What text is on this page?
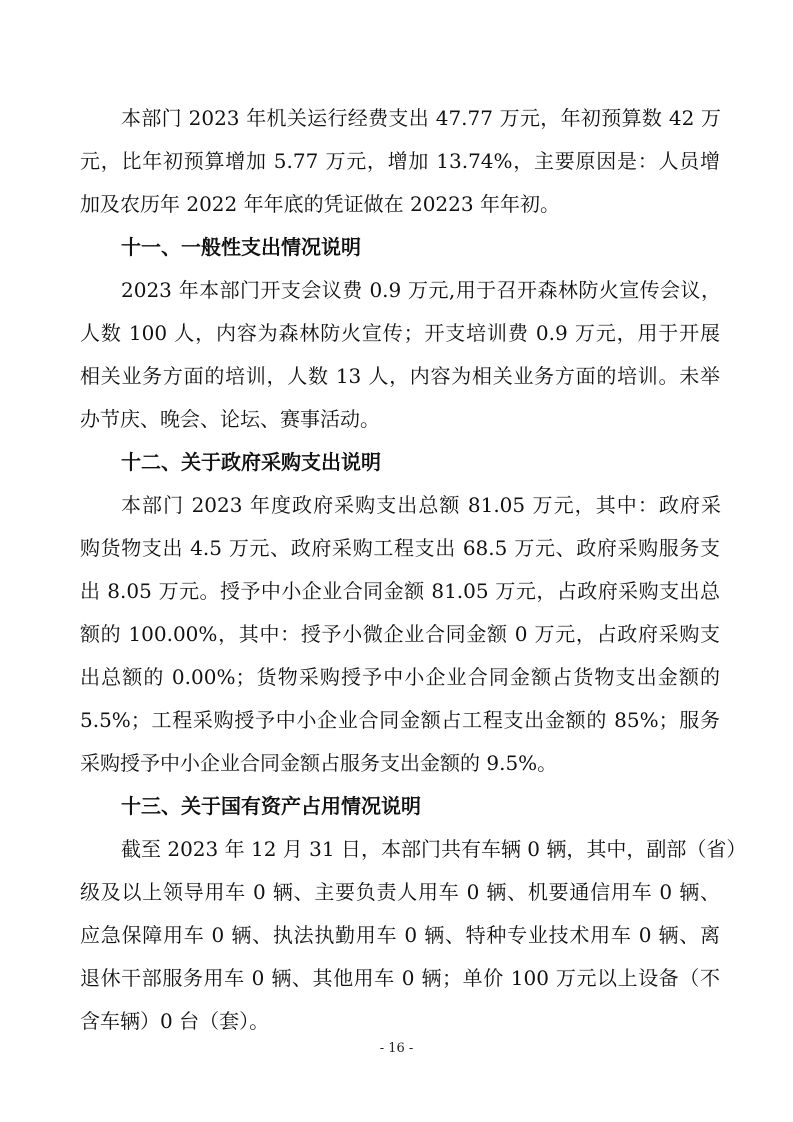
本部门 2023 年机关运行经费支出 47.77 万元，年初预算数 42 万
元，比年初预算增加 5.77 万元，增加 13.74%，主要原因是：人员增
加及农历年 2022 年年底的凭证做在 20223 年年初。
十一、一般性支出情况说明
2023 年本部门开支会议费 0.9 万元,用于召开森林防火宣传会议，
人数 100 人，内容为森林防火宣传；开支培训费 0.9 万元，用于开展
相关业务方面的培训，人数 13 人，内容为相关业务方面的培训。未举
办节庆、晚会、论坛、赛事活动。
十二、关于政府采购支出说明
本部门 2023 年度政府采购支出总额 81.05 万元，其中：政府采
购货物支出 4.5 万元、政府采购工程支出 68.5 万元、政府采购服务支
出 8.05 万元。授予中小企业合同金额 81.05 万元，占政府采购支出总
额的 100.00%，其中：授予小微企业合同金额 0 万元，占政府采购支
出总额的 0.00%；货物采购授予中小企业合同金额占货物支出金额的
5.5%；工程采购授予中小企业合同金额占工程支出金额的 85%；服务
采购授予中小企业合同金额占服务支出金额的 9.5%。
十三、关于国有资产占用情况说明
截至 2023 年 12 月 31 日，本部门共有车辆 0 辆，其中，副部（省）
级及以上领导用车 0 辆、主要负责人用车 0 辆、机要通信用车 0 辆、
应急保障用车 0 辆、执法执勤用车 0 辆、特种专业技术用车 0 辆、离
退休干部服务用车 0 辆、其他用车 0 辆；单价 100 万元以上设备（不
含车辆）0 台（套）。
- 16 -
